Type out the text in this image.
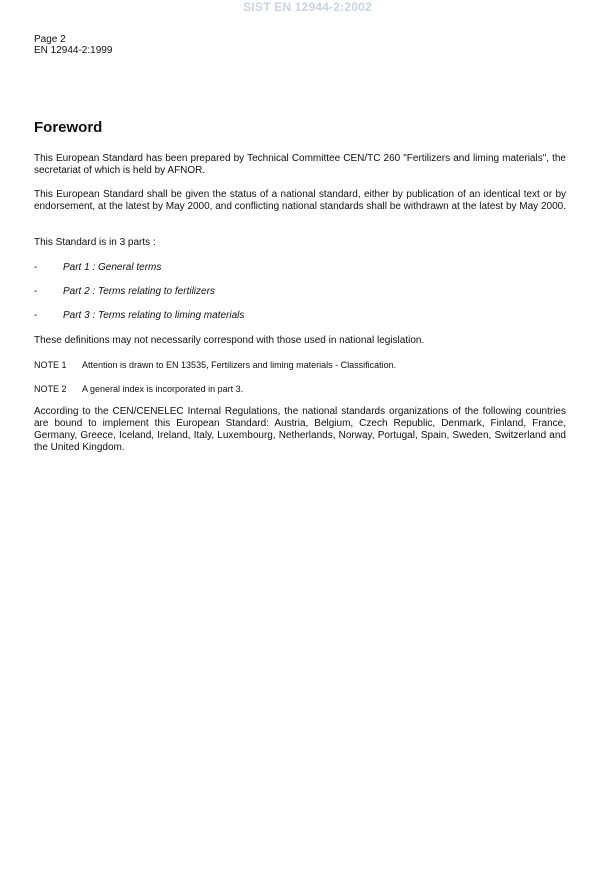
SIST EN 12944-2:2002
Page 2
EN 12944-2:1999
Foreword

This European Standard has been prepared by Technical Committee CEN/TC 260 "Fertilizers and liming materials", the secretariat of which is held by AFNOR.

This European Standard shall be given the status of a national standard, either by publication of an identical text or by endorsement, at the latest by May 2000, and conflicting national standards shall be withdrawn at the latest by May 2000.

This Standard is in 3 parts :

-	Part 1 : General terms
-	Part 2 : Terms relating to fertilizers
-	Part 3 : Terms relating to liming materials

These definitions may not necessarily correspond with those used in national legislation.

NOTE 1 Attention is drawn to EN 13535, Fertilizers and liming materials - Classification.
NOTE 2 A general index is incorporated in part 3.

According to the CEN/CENELEC Internal Regulations, the national standards organizations of the following countries are bound to implement this European Standard: Austria, Belgium, Czech Republic, Denmark, Finland, France, Germany, Greece, Iceland, Ireland, Italy, Luxembourg, Netherlands, Norway, Portugal, Spain, Sweden, Switzerland and the United Kingdom.
